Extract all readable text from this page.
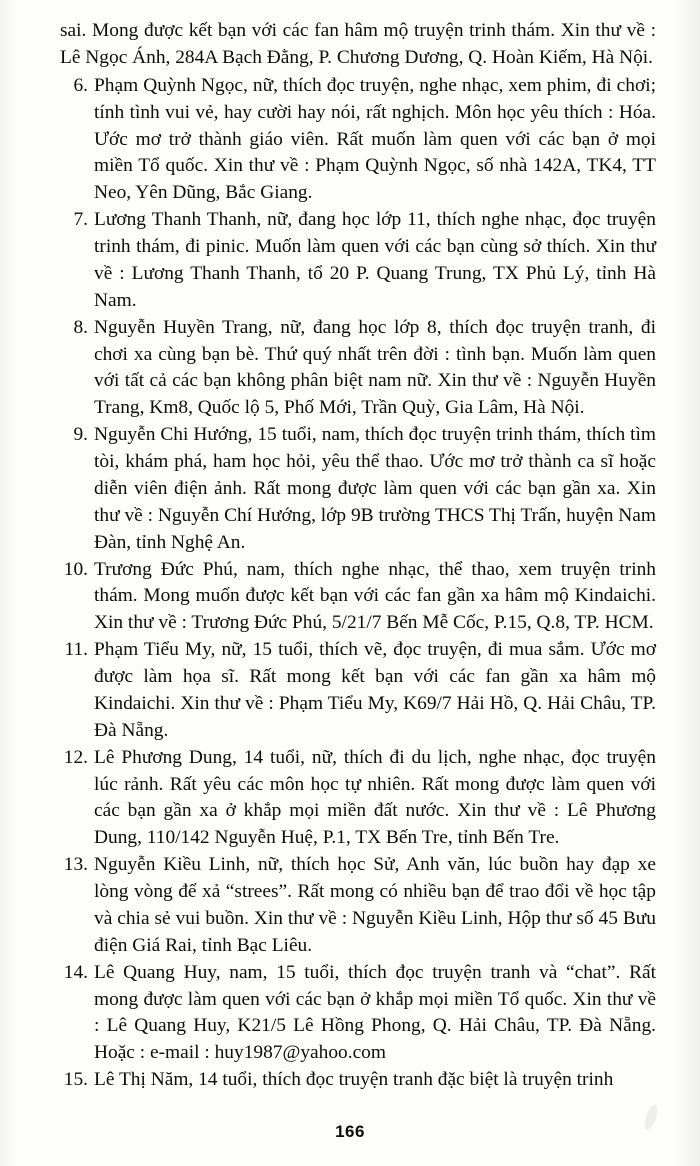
sai. Mong được kết bạn với các fan hâm mộ truyện trinh thám. Xin thư về : Lê Ngọc Ánh, 284A Bạch Đằng, P. Chương Dương, Q. Hoàn Kiếm, Hà Nội.

6. Phạm Quỳnh Ngọc, nữ, thích đọc truyện, nghe nhạc, xem phim, đi chơi; tính tình vui vẻ, hay cười hay nói, rất nghịch. Môn học yêu thích : Hóa. Ước mơ trở thành giáo viên. Rất muốn làm quen với các bạn ở mọi miền Tổ quốc. Xin thư về : Phạm Quỳnh Ngọc, số nhà 142A, TK4, TT Neo, Yên Dũng, Bắc Giang.
7. Lương Thanh Thanh, nữ, đang học lớp 11, thích nghe nhạc, đọc truyện trinh thám, đi pinic. Muốn làm quen với các bạn cùng sở thích. Xin thư về : Lương Thanh Thanh, tổ 20 P. Quang Trung, TX Phủ Lý, tỉnh Hà Nam.
8. Nguyễn Huyền Trang, nữ, đang học lớp 8, thích đọc truyện tranh, đi chơi xa cùng bạn bè. Thứ quý nhất trên đời : tình bạn. Muốn làm quen với tất cả các bạn không phân biệt nam nữ. Xin thư về : Nguyễn Huyền Trang, Km8, Quốc lộ 5, Phố Mới, Trần Quỳ, Gia Lâm, Hà Nội.
9. Nguyễn Chi Hướng, 15 tuổi, nam, thích đọc truyện trinh thám, thích tìm tòi, khám phá, ham học hỏi, yêu thể thao. Ước mơ trở thành ca sĩ hoặc diễn viên điện ảnh. Rất mong được làm quen với các bạn gần xa. Xin thư về : Nguyễn Chí Hướng, lớp 9B trường THCS Thị Trấn, huyện Nam Đàn, tỉnh Nghệ An.
10. Trương Đức Phú, nam, thích nghe nhạc, thể thao, xem truyện trinh thám. Mong muốn được kết bạn với các fan gần xa hâm mộ Kindaichi. Xin thư về : Trương Đức Phú, 5/21/7 Bến Mễ Cốc, P.15, Q.8, TP. HCM.
11. Phạm Tiểu My, nữ, 15 tuổi, thích vẽ, đọc truyện, đi mua sắm. Ước mơ được làm họa sĩ. Rất mong kết bạn với các fan gần xa hâm mộ Kindaichi. Xin thư về : Phạm Tiểu My, K69/7 Hải Hồ, Q. Hải Châu, TP. Đà Nẵng.
12. Lê Phương Dung, 14 tuổi, nữ, thích đi du lịch, nghe nhạc, đọc truyện lúc rảnh. Rất yêu các môn học tự nhiên. Rất mong được làm quen với các bạn gần xa ở khắp mọi miền đất nước. Xin thư về : Lê Phương Dung, 110/142 Nguyễn Huệ, P.1, TX Bến Tre, tỉnh Bến Tre.
13. Nguyễn Kiều Linh, nữ, thích học Sử, Anh văn, lúc buồn hay đạp xe lòng vòng để xả “strees”. Rất mong có nhiều bạn để trao đổi về học tập và chia sẻ vui buồn. Xin thư về : Nguyễn Kiều Linh, Hộp thư số 45 Bưu điện Giá Rai, tỉnh Bạc Liêu.
14. Lê Quang Huy, nam, 15 tuổi, thích đọc truyện tranh và “chat”. Rất mong được làm quen với các bạn ở khắp mọi miền Tổ quốc. Xin thư về : Lê Quang Huy, K21/5 Lê Hồng Phong, Q. Hải Châu, TP. Đà Nẵng. Hoặc : e-mail : huy1987@yahoo.com
15. Lê Thị Năm, 14 tuổi, thích đọc truyện tranh đặc biệt là truyện trinh
166
